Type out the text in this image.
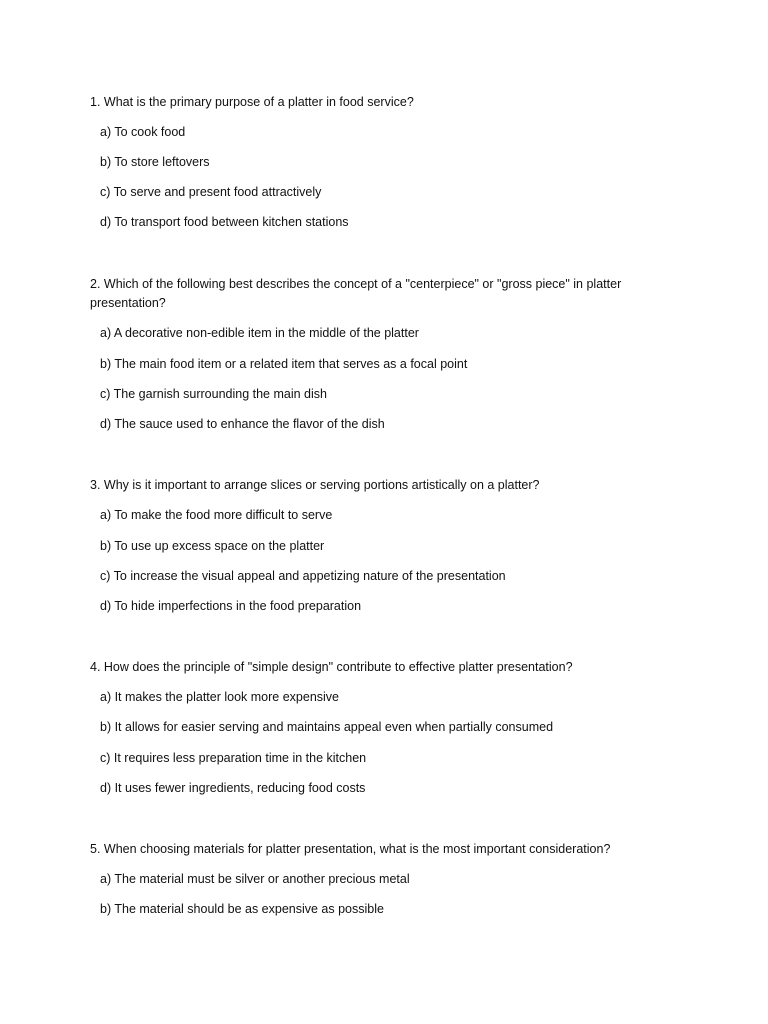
1. What is the primary purpose of a platter in food service?

a) To cook food
b) To store leftovers
c) To serve and present food attractively
d) To transport food between kitchen stations

2. Which of the following best describes the concept of a "centerpiece" or "gross piece" in platter presentation?

a) A decorative non-edible item in the middle of the platter
b) The main food item or a related item that serves as a focal point
c) The garnish surrounding the main dish
d) The sauce used to enhance the flavor of the dish

3. Why is it important to arrange slices or serving portions artistically on a platter?

a) To make the food more difficult to serve
b) To use up excess space on the platter
c) To increase the visual appeal and appetizing nature of the presentation
d) To hide imperfections in the food preparation

4. How does the principle of "simple design" contribute to effective platter presentation?

a) It makes the platter look more expensive
b) It allows for easier serving and maintains appeal even when partially consumed
c) It requires less preparation time in the kitchen
d) It uses fewer ingredients, reducing food costs

5. When choosing materials for platter presentation, what is the most important consideration?

a) The material must be silver or another precious metal
b) The material should be as expensive as possible
